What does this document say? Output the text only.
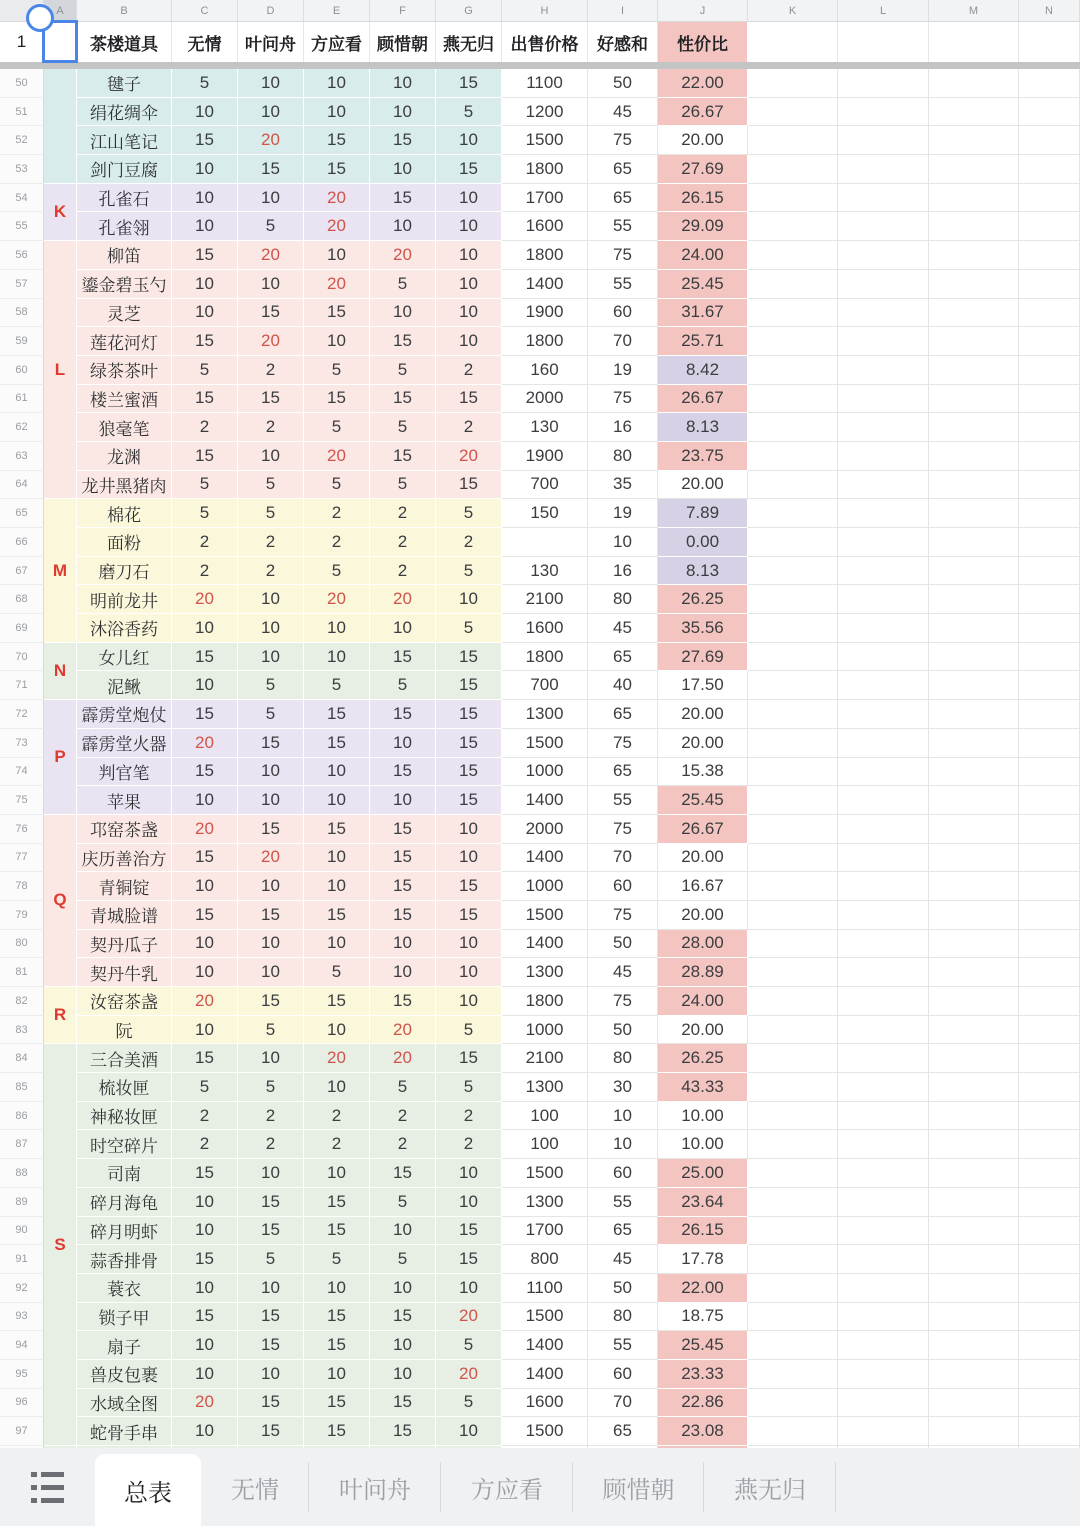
	A	B	C	D	E	F	G	H	I	J	K	L	M	N
1		茶楼道具	无情	叶问舟	方应看	顾惜朝	燕无归	出售价格	好感和	性价比				

50		毽子	5	10	10	10	15	1100	50	22.00				
51		绢花绸伞	10	10	10	10	5	1200	45	26.67				
52		江山笔记	15	20	15	15	10	1500	75	20.00				
53		剑门豆腐	10	15	15	10	15	1800	65	27.69				
54	K	孔雀石	10	10	20	15	10	1700	65	26.15				
55		孔雀翎	10	5	20	10	10	1600	55	29.09				
56	L	柳笛	15	20	10	20	10	1800	75	24.00				
57		鎏金碧玉勺	10	10	20	5	10	1400	55	25.45				
58		灵芝	10	15	15	10	10	1900	60	31.67				
59		莲花河灯	15	20	10	15	10	1800	70	25.71				
60		绿茶茶叶	5	2	5	5	2	160	19	8.42				
61		楼兰蜜酒	15	15	15	15	15	2000	75	26.67				
62		狼毫笔	2	2	5	5	2	130	16	8.13				
63		龙渊	15	10	20	15	20	1900	80	23.75				
64		龙井黑猪肉	5	5	5	5	15	700	35	20.00				
65	M	棉花	5	5	2	2	5	150	19	7.89				
66		面粉	2	2	2	2	2		10	0.00				
67		磨刀石	2	2	5	2	5	130	16	8.13				
68		明前龙井	20	10	20	20	10	2100	80	26.25				
69		沐浴香药	10	10	10	10	5	1600	45	35.56				
70	N	女儿红	15	10	10	15	15	1800	65	27.69				
71		泥鳅	10	5	5	5	15	700	40	17.50				
72	P	霹雳堂炮仗	15	5	15	15	15	1300	65	20.00				
73		霹雳堂火器	20	15	15	10	15	1500	75	20.00				
74		判官笔	15	10	10	15	15	1000	65	15.38				
75		苹果	10	10	10	10	15	1400	55	25.45				
76	Q	邛窑茶盏	20	15	15	15	10	2000	75	26.67				
77		庆历善治方	15	20	10	15	10	1400	70	20.00				
78		青铜锭	10	10	10	15	15	1000	60	16.67				
79		青城脸谱	15	15	15	15	15	1500	75	20.00				
80		契丹瓜子	10	10	10	10	10	1400	50	28.00				
81		契丹牛乳	10	10	5	10	10	1300	45	28.89				
82	R	汝窑茶盏	20	15	15	15	10	1800	75	24.00				
83		阮	10	5	10	20	5	1000	50	20.00				
84	S	三合美酒	15	10	20	20	15	2100	80	26.25				
85		梳妆匣	5	5	10	5	5	1300	30	43.33				
86		神秘妆匣	2	2	2	2	2	100	10	10.00				
87		时空碎片	2	2	2	2	2	100	10	10.00				
88		司南	15	10	10	15	10	1500	60	25.00				
89		碎月海龟	10	15	15	5	10	1300	55	23.64				
90		碎月明虾	10	15	15	10	15	1700	65	26.15				
91		蒜香排骨	15	5	5	5	15	800	45	17.78				
92		蓑衣	10	10	10	10	10	1100	50	22.00				
93		锁子甲	15	15	15	15	20	1500	80	18.75				
94		扇子	10	15	15	10	5	1400	55	25.45				
95		兽皮包裹	10	10	10	10	20	1400	60	23.33				
96		水域全图	20	15	15	15	5	1600	70	22.86				
97		蛇骨手串	10	15	15	15	10	1500	65	23.08				

总表	无情	叶问舟	方应看	顾惜朝	燕无归
